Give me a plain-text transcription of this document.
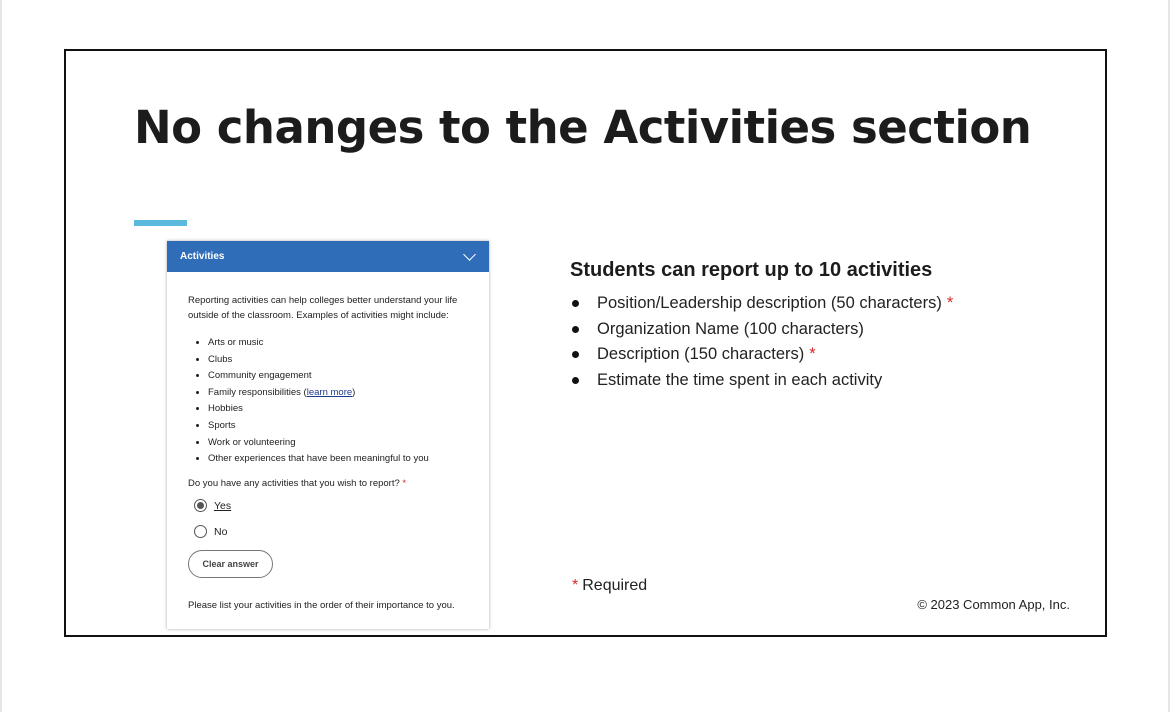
No changes to the Activities section
Activities

Reporting activities can help colleges better understand your life outside of the classroom. Examples of activities might include:

• Arts or music
• Clubs
• Community engagement
• Family responsibilities (learn more)
• Hobbies
• Sports
• Work or volunteering
• Other experiences that have been meaningful to you

Do you have any activities that you wish to report? *

Yes
No
Clear answer

Please list your activities in the order of their importance to you.

Students can report up to 10 activities
Position/Leadership description (50 characters) *
Organization Name (100 characters)
Description (150 characters) *
Estimate the time spent in each activity
* Required
© 2023 Common App, Inc.
